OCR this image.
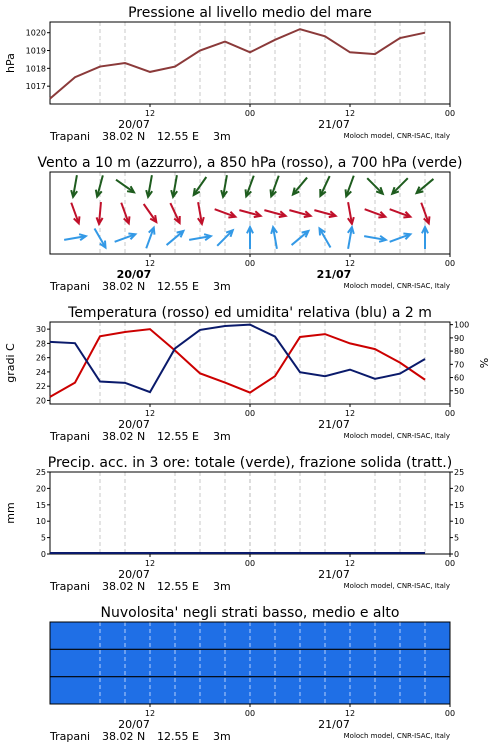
Pressione al livello medio del mare
1017
1018
1019
1020
hPa
12	00	12	00
20/07	21/07
Trapani 38.02 N 12.55 E 3m	Moloch model, CNR-ISAC, Italy
Vento a 10 m (azzurro), a 850 hPa (rosso), a 700 hPa (verde)
12	00	12	00
20/07	21/07
Trapani 38.02 N 12.55 E 3m	Moloch model, CNR-ISAC, Italy
Temperatura (rosso) ed umidita' relativa (blu) a 2 m
20
22
24
26
28
30
50
60
70
80
90
100
gradi C	%
12	00	12	00
20/07	21/07
Trapani 38.02 N 12.55 E 3m	Moloch model, CNR-ISAC, Italy
Precip. acc. in 3 ore: totale (verde), frazione solida (tratt.)
0	0
5	5
10	10
15	15
20	20
25	25
mm
12	00	12	00
20/07	21/07
Trapani 38.02 N 12.55 E 3m	Moloch model, CNR-ISAC, Italy
Nuvolosita' negli strati basso, medio e alto
12	00	12	00
20/07	21/07
Trapani 38.02 N 12.55 E 3m	Moloch model, CNR-ISAC, Italy
